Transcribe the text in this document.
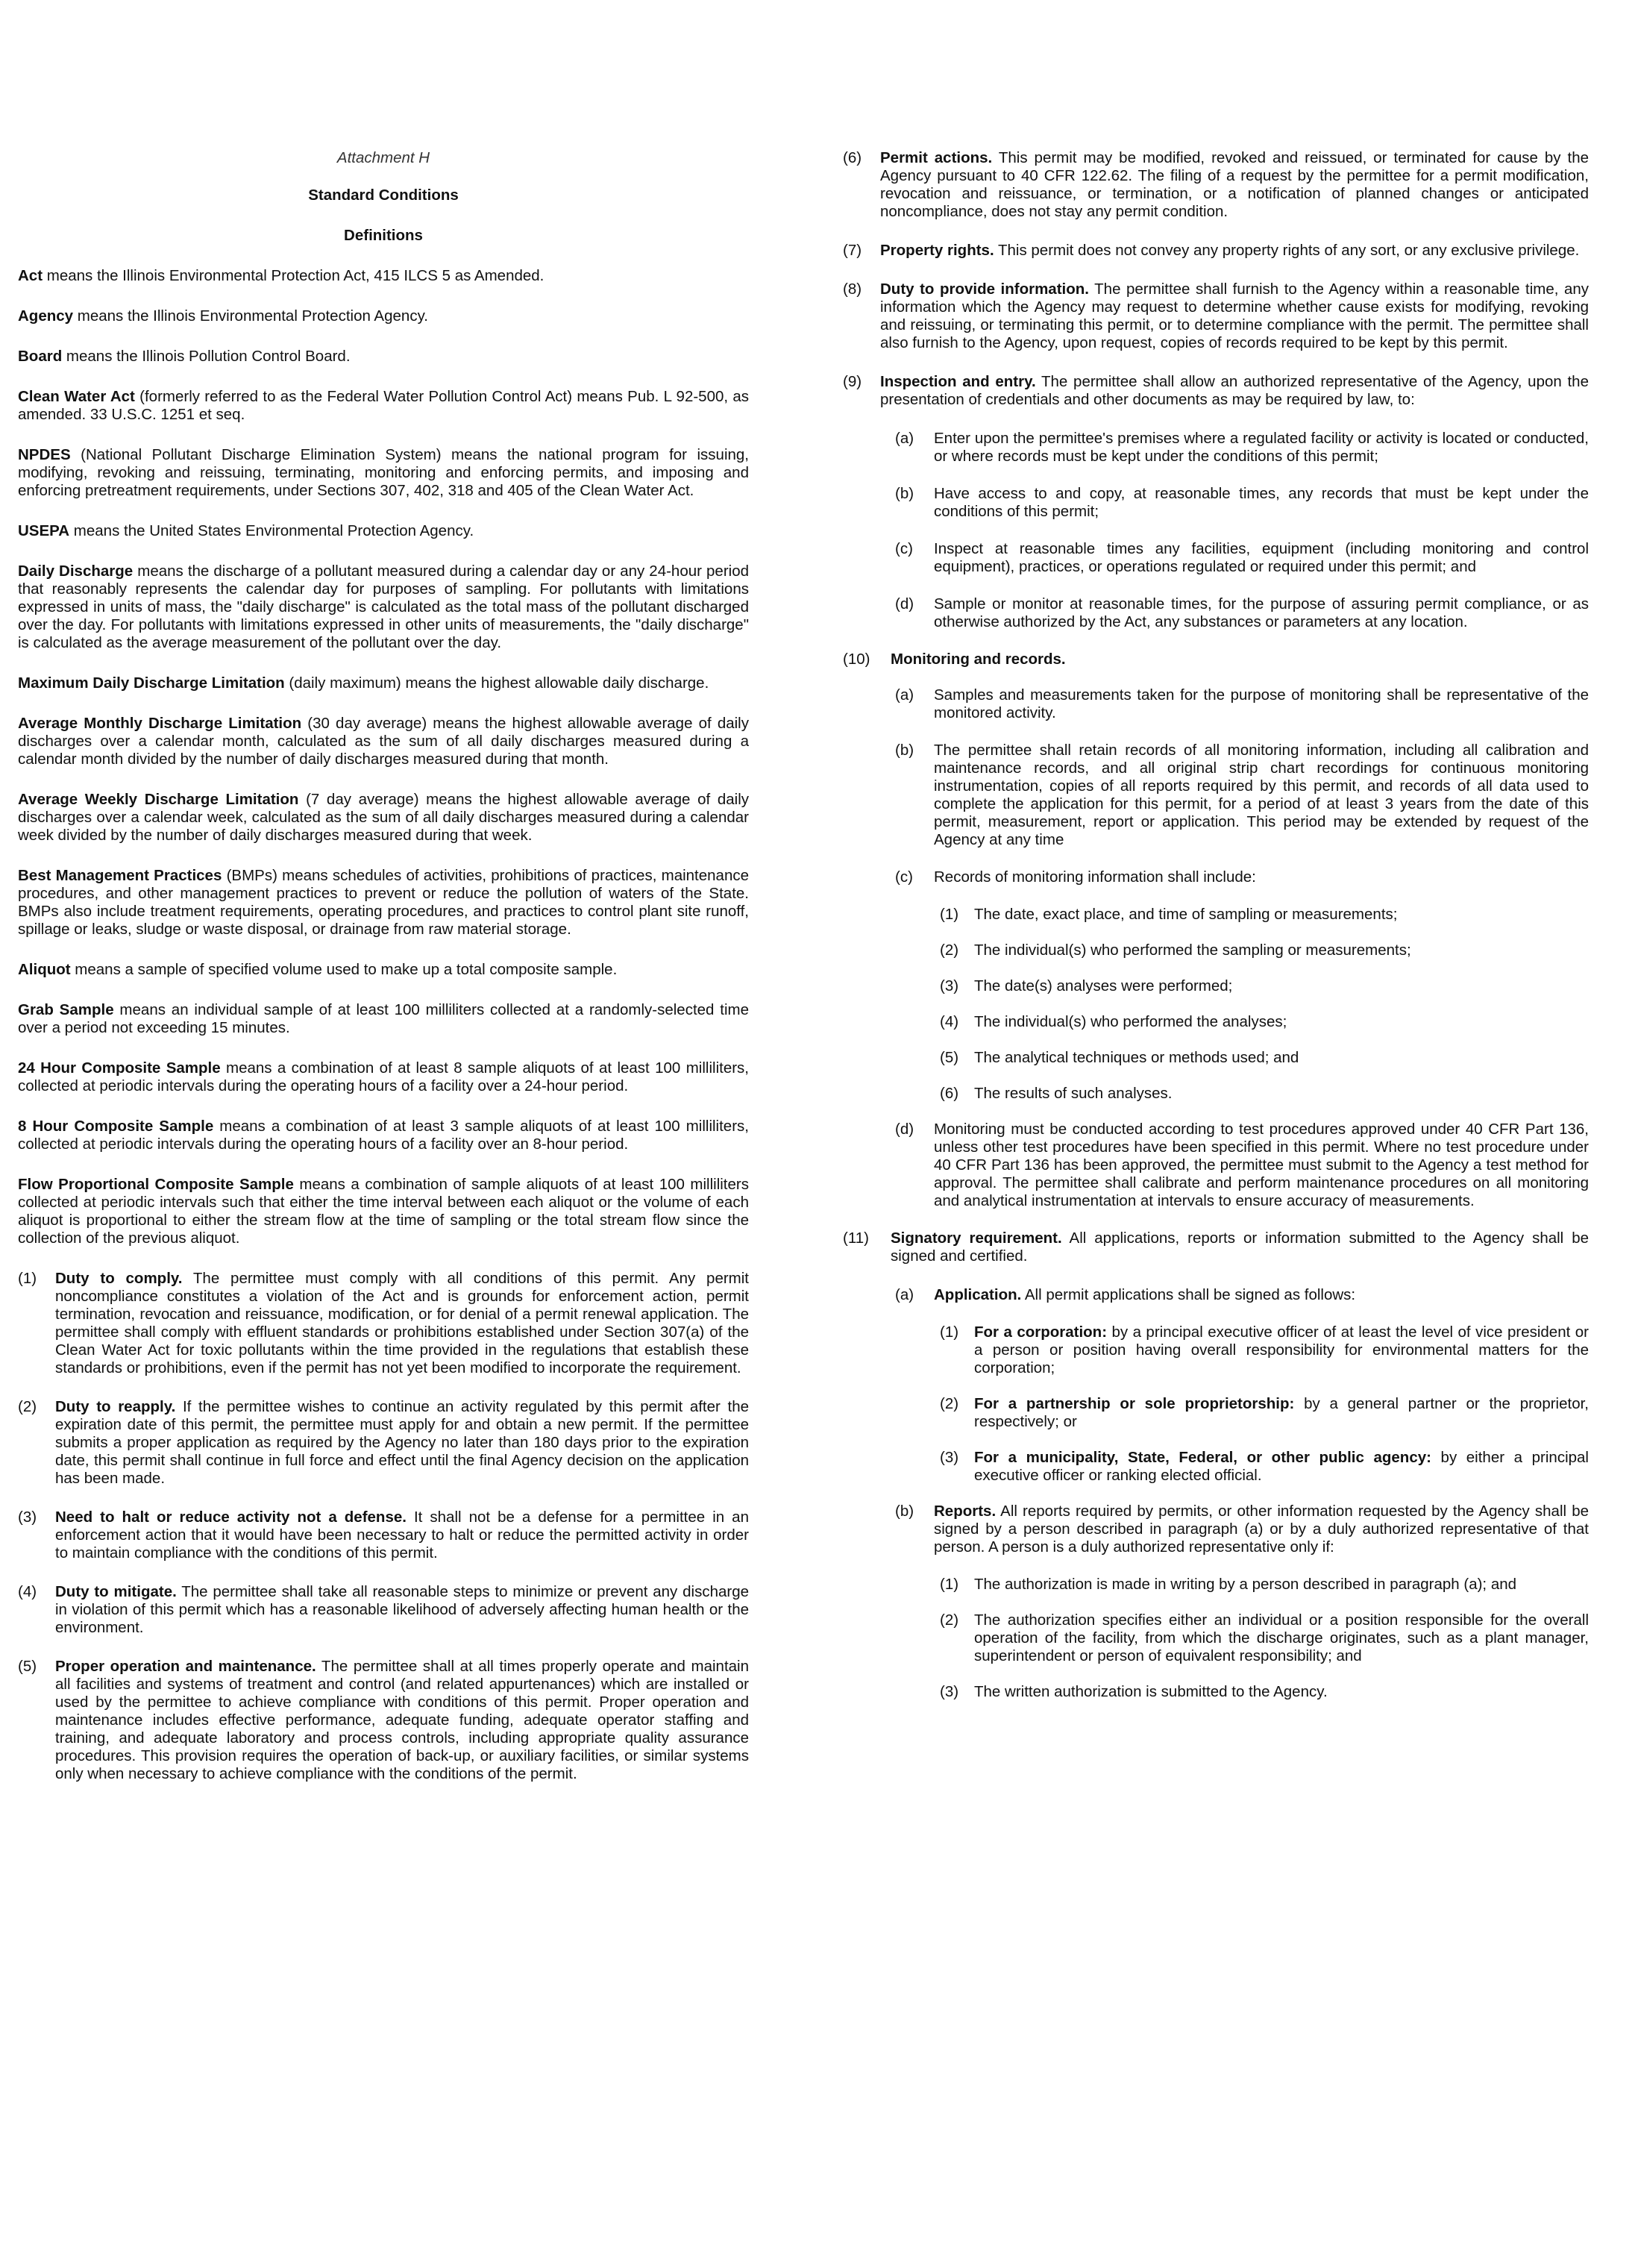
Attachment H
Standard Conditions
Definitions

Act means the Illinois Environmental Protection Act, 415 ILCS 5 as Amended.

Agency means the Illinois Environmental Protection Agency.

Board means the Illinois Pollution Control Board.

Clean Water Act (formerly referred to as the Federal Water Pollution Control Act) means Pub. L 92-500, as amended. 33 U.S.C. 1251 et seq.

NPDES (National Pollutant Discharge Elimination System) means the national program for issuing, modifying, revoking and reissuing, terminating, monitoring and enforcing permits, and imposing and enforcing pretreatment requirements, under Sections 307, 402, 318 and 405 of the Clean Water Act.

USEPA means the United States Environmental Protection Agency.

Daily Discharge means the discharge of a pollutant measured during a calendar day or any 24-hour period that reasonably represents the calendar day for purposes of sampling. For pollutants with limitations expressed in units of mass, the "daily discharge" is calculated as the total mass of the pollutant discharged over the day. For pollutants with limitations expressed in other units of measurements, the "daily discharge" is calculated as the average measurement of the pollutant over the day.

Maximum Daily Discharge Limitation (daily maximum) means the highest allowable daily discharge.

Average Monthly Discharge Limitation (30 day average) means the highest allowable average of daily discharges over a calendar month, calculated as the sum of all daily discharges measured during a calendar month divided by the number of daily discharges measured during that month.

Average Weekly Discharge Limitation (7 day average) means the highest allowable average of daily discharges over a calendar week, calculated as the sum of all daily discharges measured during a calendar week divided by the number of daily discharges measured during that week.

Best Management Practices (BMPs) means schedules of activities, prohibitions of practices, maintenance procedures, and other management practices to prevent or reduce the pollution of waters of the State. BMPs also include treatment requirements, operating procedures, and practices to control plant site runoff, spillage or leaks, sludge or waste disposal, or drainage from raw material storage.

Aliquot means a sample of specified volume used to make up a total composite sample.

Grab Sample means an individual sample of at least 100 milliliters collected at a randomly-selected time over a period not exceeding 15 minutes.

24 Hour Composite Sample means a combination of at least 8 sample aliquots of at least 100 milliliters, collected at periodic intervals during the operating hours of a facility over a 24-hour period.

8 Hour Composite Sample means a combination of at least 3 sample aliquots of at least 100 milliliters, collected at periodic intervals during the operating hours of a facility over an 8-hour period.

Flow Proportional Composite Sample means a combination of sample aliquots of at least 100 milliliters collected at periodic intervals such that either the time interval between each aliquot or the volume of each aliquot is proportional to either the stream flow at the time of sampling or the total stream flow since the collection of the previous aliquot.

(1)	Duty to comply. The permittee must comply with all conditions of this permit. Any permit noncompliance constitutes a violation of the Act and is grounds for enforcement action, permit termination, revocation and reissuance, modification, or for denial of a permit renewal application. The permittee shall comply with effluent standards or prohibitions established under Section 307(a) of the Clean Water Act for toxic pollutants within the time provided in the regulations that establish these standards or prohibitions, even if the permit has not yet been modified to incorporate the requirement.

(2)	Duty to reapply. If the permittee wishes to continue an activity regulated by this permit after the expiration date of this permit, the permittee must apply for and obtain a new permit. If the permittee submits a proper application as required by the Agency no later than 180 days prior to the expiration date, this permit shall continue in full force and effect until the final Agency decision on the application has been made.

(3)	Need to halt or reduce activity not a defense. It shall not be a defense for a permittee in an enforcement action that it would have been necessary to halt or reduce the permitted activity in order to maintain compliance with the conditions of this permit.

(4)	Duty to mitigate. The permittee shall take all reasonable steps to minimize or prevent any discharge in violation of this permit which has a reasonable likelihood of adversely affecting human health or the environment.

(5)	Proper operation and maintenance. The permittee shall at all times properly operate and maintain all facilities and systems of treatment and control (and related appurtenances) which are installed or used by the permittee to achieve compliance with conditions of this permit. Proper operation and maintenance includes effective performance, adequate funding, adequate operator staffing and training, and adequate laboratory and process controls, including appropriate quality assurance procedures. This provision requires the operation of back-up, or auxiliary facilities, or similar systems only when necessary to achieve compliance with the conditions of the permit.

(6)	Permit actions. This permit may be modified, revoked and reissued, or terminated for cause by the Agency pursuant to 40 CFR 122.62. The filing of a request by the permittee for a permit modification, revocation and reissuance, or termination, or a notification of planned changes or anticipated noncompliance, does not stay any permit condition.

(7)	Property rights. This permit does not convey any property rights of any sort, or any exclusive privilege.

(8)	Duty to provide information. The permittee shall furnish to the Agency within a reasonable time, any information which the Agency may request to determine whether cause exists for modifying, revoking and reissuing, or terminating this permit, or to determine compliance with the permit. The permittee shall also furnish to the Agency, upon request, copies of records required to be kept by this permit.

(9)	Inspection and entry. The permittee shall allow an authorized representative of the Agency, upon the presentation of credentials and other documents as may be required by law, to:

(a)	Enter upon the permittee's premises where a regulated facility or activity is located or conducted, or where records must be kept under the conditions of this permit;

(b)	Have access to and copy, at reasonable times, any records that must be kept under the conditions of this permit;

(c)	Inspect at reasonable times any facilities, equipment (including monitoring and control equipment), practices, or operations regulated or required under this permit; and

(d)	Sample or monitor at reasonable times, for the purpose of assuring permit compliance, or as otherwise authorized by the Act, any substances or parameters at any location.

(10)	Monitoring and records.
(a)	Samples and measurements taken for the purpose of monitoring shall be representative of the monitored activity.

(b)	The permittee shall retain records of all monitoring information, including all calibration and maintenance records, and all original strip chart recordings for continuous monitoring instrumentation, copies of all reports required by this permit, and records of all data used to complete the application for this permit, for a period of at least 3 years from the date of this permit, measurement, report or application. This period may be extended by request of the Agency at any time

(c)	Records of monitoring information shall include:

(1)	The date, exact place, and time of sampling or measurements;

(2)	The individual(s) who performed the sampling or measurements;

(3)	The date(s) analyses were performed;

(4)	The individual(s) who performed the analyses;

(5)	The analytical techniques or methods used; and

(6)	The results of such analyses.

(d)	Monitoring must be conducted according to test procedures approved under 40 CFR Part 136, unless other test procedures have been specified in this permit. Where no test procedure under 40 CFR Part 136 has been approved, the permittee must submit to the Agency a test method for approval. The permittee shall calibrate and perform maintenance procedures on all monitoring and analytical instrumentation at intervals to ensure accuracy of measurements.

(11)	Signatory requirement. All applications, reports or information submitted to the Agency shall be signed and certified.

(a)	Application. All permit applications shall be signed as follows:

(1)	For a corporation: by a principal executive officer of at least the level of vice president or a person or position having overall responsibility for environmental matters for the corporation;

(2)	For a partnership or sole proprietorship: by a general partner or the proprietor, respectively; or

(3)	For a municipality, State, Federal, or other public agency: by either a principal executive officer or ranking elected official.

(b)	Reports. All reports required by permits, or other information requested by the Agency shall be signed by a person described in paragraph (a) or by a duly authorized representative of that person. A person is a duly authorized representative only if:

(1)	The authorization is made in writing by a person described in paragraph (a); and

(2)	The authorization specifies either an individual or a position responsible for the overall operation of the facility, from which the discharge originates, such as a plant manager, superintendent or person of equivalent responsibility; and

(3)	The written authorization is submitted to the Agency.
